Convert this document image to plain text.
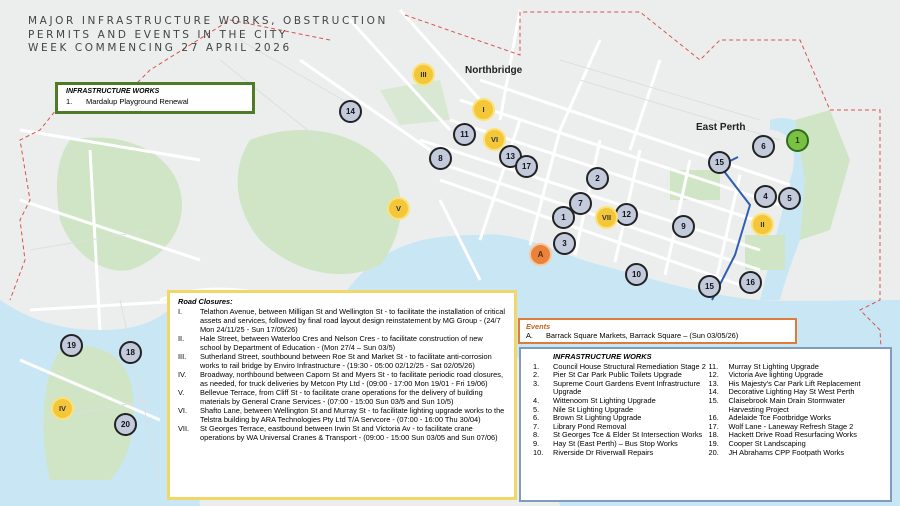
MAJOR INFRASTRUCTURE WORKS, OBSTRUCTION
PERMITS AND EVENTS IN THE CITY
WEEK COMMENCING 27 APRIL 2026
Northbridge
East Perth
1
1
2
3
4	5
6
7
8
9
10
11
12
13
14
15
15	16
17
18
19
20
I
II
III
IV
V
VI
VII
A
INFRASTRUCTURE WORKS
1.	Mardalup Playground Renewal
Road Closures:
I.	Telathon Avenue, between Milligan St and Wellington St - to facilitate the installation of critical assets and services, followed by final road layout design reinstatement by MG Group - (24/7 Mon 24/11/25 - Sun 17/05/26)
II.	Hale Street, between Waterloo Cres and Nelson Cres - to facilitate construction of new school by Department of Education - (Mon 27/4 – Sun 03/5)
III.	Sutherland Street, southbound between Roe St and Market St - to facilitate anti-corrosion works to rail bridge by Enviro Infrastructure - (19:30 - 05:00 02/12/25 - Sat 02/05/26)
IV.	Broadway, northbound between Caporn St and Myers St - to facilitate periodic road closures, as needed, for truck deliveries by Metcon Pty Ltd - (09:00 - 17:00 Mon 19/01 - Fri 19/06)
V.	Bellevue Terrace, from Cliff St - to facilitate crane operations for the delivery of building materials by General Crane Services - (07:00 - 15:00 Sun 03/5 and Sun 10/5)
VI.	Shafto Lane, between Wellington St and Murray St - to facilitate lighting upgrade works to the Telstra building by ARA Technologies Pty Ltd T/A Servcore - (07:00 - 16:00 Thu 30/04)
VII.	St Georges Terrace, eastbound between Irwin St and Victoria Av - to facilitate crane operations by WA Universal Cranes & Transport - (09:00 - 15:00 Sun 03/05 and Sun 07/06)
Events
A.	Barrack Square Markets, Barrack Square – (Sun 03/05/26)
INFRASTRUCTURE WORKS
1.	Council House Structural Remediation Stage 2
2.	Pier St Car Park Public Toilets Upgrade
3.	Supreme Court Gardens Event Infrastructure Upgrade
4.	Wittenoom St Lighting Upgrade
5.	Nile St Lighting Upgrade
6.	Brown St Lighting Upgrade
7.	Library Pond Removal
8.	St Georges Tce & Elder St Intersection Works
9.	Hay St (East Perth) – Bus Stop Works
10.	Riverside Dr Riverwall Repairs
11.	Murray St Lighting Upgrade
12.	Victoria Ave lighting Upgrade
13.	His Majesty's Car Park Lift Replacement
14.	Decorative Lighting Hay St West Perth
15.	Claisebrook Main Drain Stormwater Harvesting Project
16.	Adelaide Tce Footbridge Works
17.	Wolf Lane - Laneway Refresh Stage 2
18.	Hackett Drive Road Resurfacing Works
19.	Cooper St Landscaping
20.	JH Abrahams CPP Footpath Works
